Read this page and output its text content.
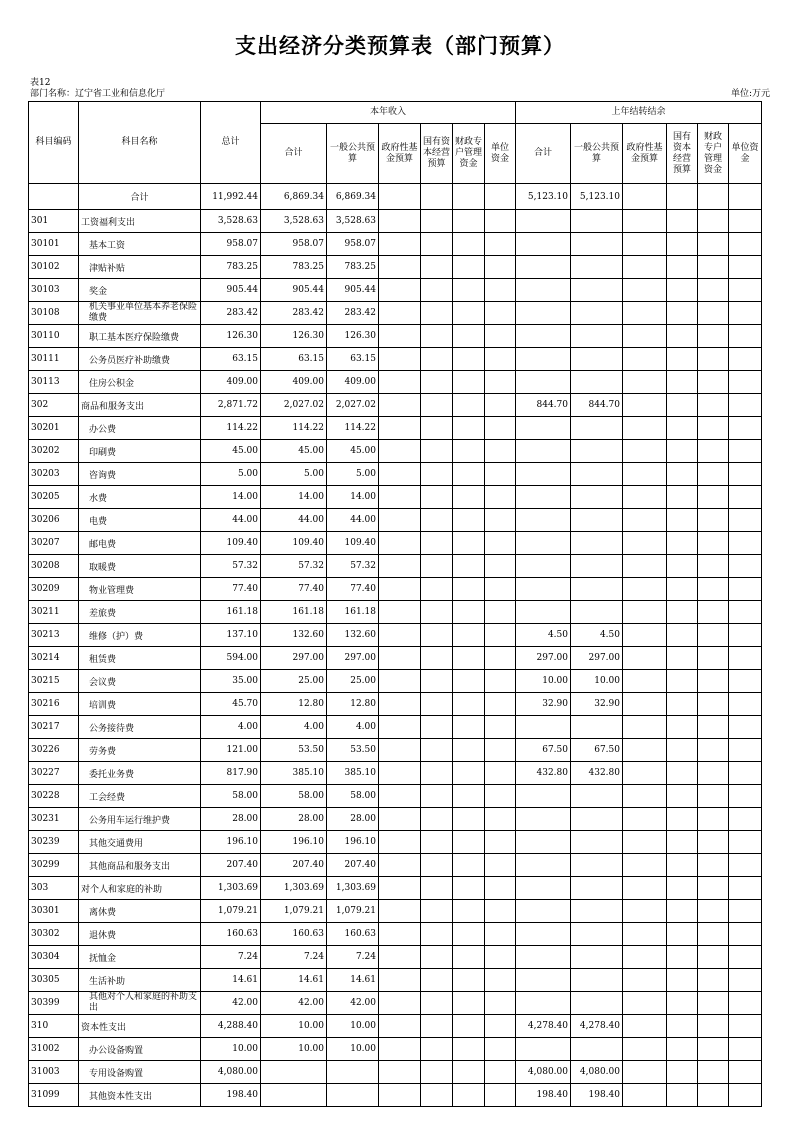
支出经济分类预算表（部门预算）
表12
部门名称：辽宁省工业和信息化厅	单位:万元
科目编码	科目名称	总计	本年收入						上年结转结余					
			合计	一般公共预算	政府性基金预算	国有资本经营预算	财政专户管理资金	单位资金	合计	一般公共预算	政府性基金预算	国有资本经营预算	财政专户管理资金	单位资金
	合计	11,992.44	6,869.34	6,869.34					5,123.10	5,123.10				
301	工资福利支出	3,528.63	3,528.63	3,528.63										
30101	基本工资	958.07	958.07	958.07										
30102	津贴补贴	783.25	783.25	783.25										
30103	奖金	905.44	905.44	905.44										
30108	机关事业单位基本养老保险缴费	283.42	283.42	283.42										
30110	职工基本医疗保险缴费	126.30	126.30	126.30										
30111	公务员医疗补助缴费	63.15	63.15	63.15										
30113	住房公积金	409.00	409.00	409.00										
302	商品和服务支出	2,871.72	2,027.02	2,027.02					844.70	844.70				
30201	办公费	114.22	114.22	114.22										
30202	印刷费	45.00	45.00	45.00										
30203	咨询费	5.00	5.00	5.00										
30205	水费	14.00	14.00	14.00										
30206	电费	44.00	44.00	44.00										
30207	邮电费	109.40	109.40	109.40										
30208	取暖费	57.32	57.32	57.32										
30209	物业管理费	77.40	77.40	77.40										
30211	差旅费	161.18	161.18	161.18										
30213	维修（护）费	137.10	132.60	132.60					4.50	4.50				
30214	租赁费	594.00	297.00	297.00					297.00	297.00				
30215	会议费	35.00	25.00	25.00					10.00	10.00				
30216	培训费	45.70	12.80	12.80					32.90	32.90				
30217	公务接待费	4.00	4.00	4.00										
30226	劳务费	121.00	53.50	53.50					67.50	67.50				
30227	委托业务费	817.90	385.10	385.10					432.80	432.80				
30228	工会经费	58.00	58.00	58.00										
30231	公务用车运行维护费	28.00	28.00	28.00										
30239	其他交通费用	196.10	196.10	196.10										
30299	其他商品和服务支出	207.40	207.40	207.40										
303	对个人和家庭的补助	1,303.69	1,303.69	1,303.69										
30301	离休费	1,079.21	1,079.21	1,079.21										
30302	退休费	160.63	160.63	160.63										
30304	抚恤金	7.24	7.24	7.24										
30305	生活补助	14.61	14.61	14.61										
30399	其他对个人和家庭的补助支出	42.00	42.00	42.00										
310	资本性支出	4,288.40	10.00	10.00					4,278.40	4,278.40				
31002	办公设备购置	10.00	10.00	10.00										
31003	专用设备购置	4,080.00							4,080.00	4,080.00				
31099	其他资本性支出	198.40							198.40	198.40				
